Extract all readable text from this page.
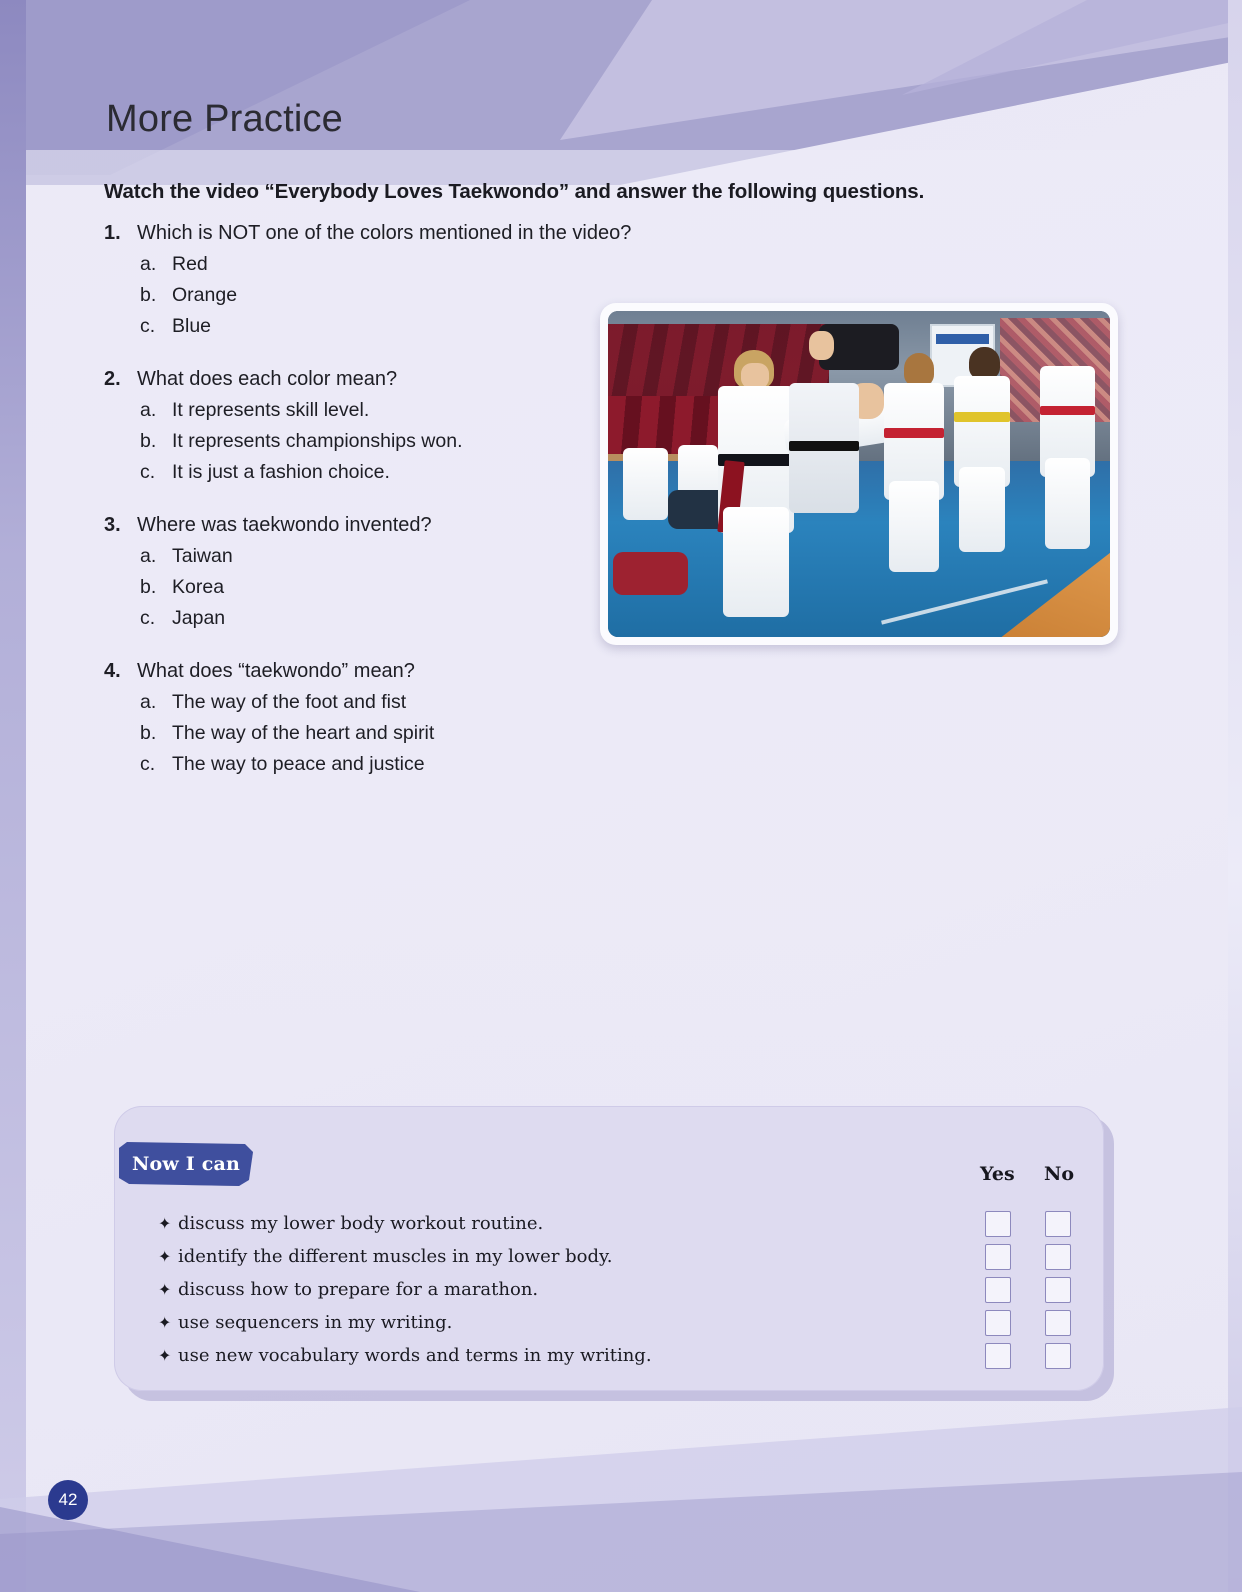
More Practice
Watch the video “Everybody Loves Taekwondo” and answer the following questions.
1. Which is NOT one of the colors mentioned in the video?
a. Red
b. Orange
c. Blue
2. What does each color mean?
a. It represents skill level.
b. It represents championships won.
c. It is just a fashion choice.
3. Where was taekwondo invented?
a. Taiwan
b. Korea
c. Japan
4. What does “taekwondo” mean?
a. The way of the foot and fist
b. The way of the heart and spirit
c. The way to peace and justice
Now I can	Yes No
✦ discuss my lower body workout routine.
✦ identify the different muscles in my lower body.
✦ discuss how to prepare for a marathon.
✦ use sequencers in my writing.
✦ use new vocabulary words and terms in my writing.
42
